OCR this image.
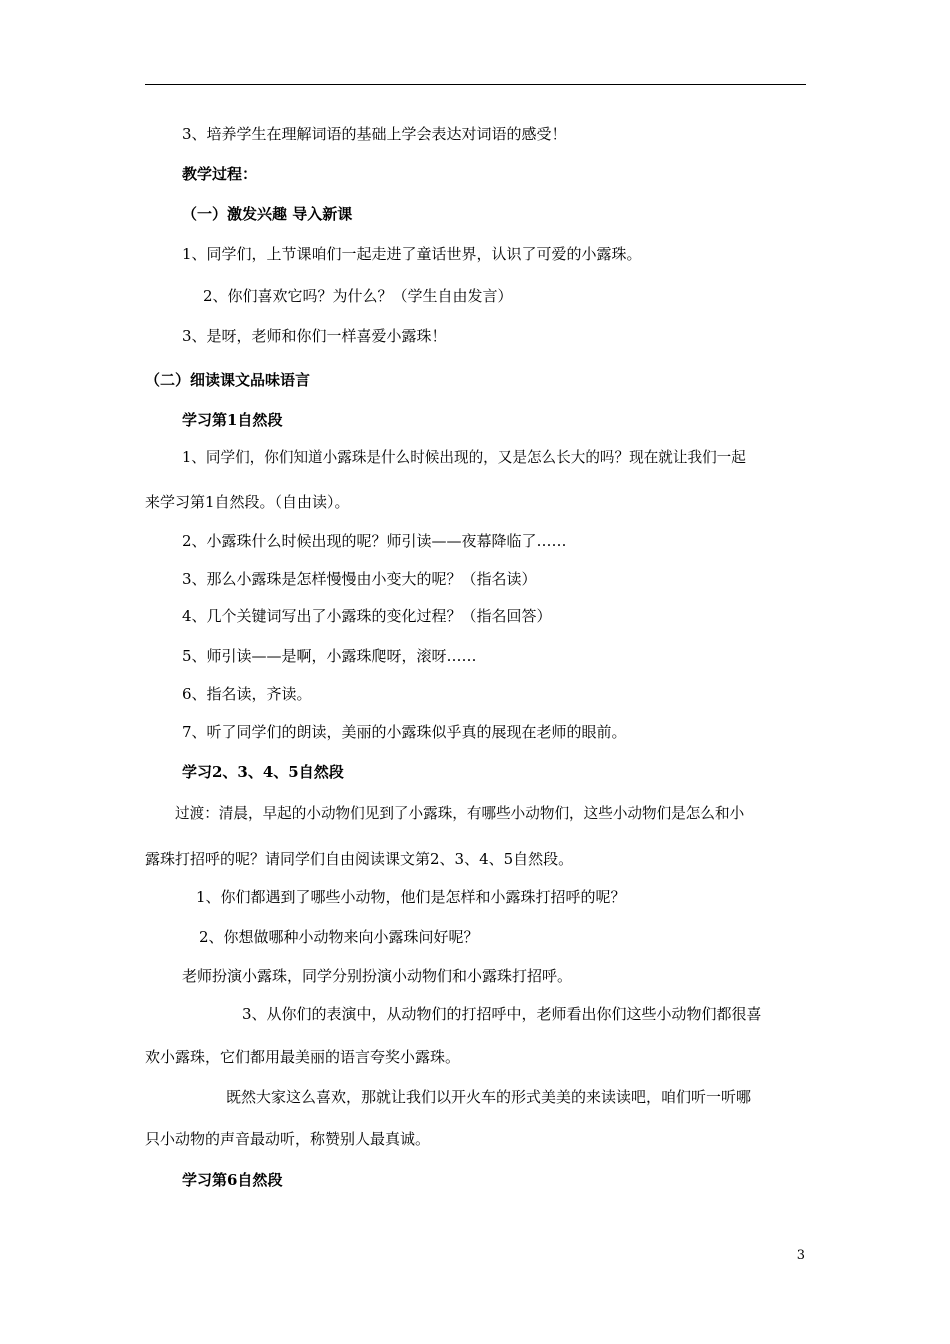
3、培养学生在理解词语的基础上学会表达对词语的感受！
教学过程：
（一）激发兴趣 导入新课
1、同学们，上节课咱们一起走进了童话世界，认识了可爱的小露珠。
2、你们喜欢它吗？为什么？（学生自由发言）
3、是呀，老师和你们一样喜爱小露珠！
（二）细读课文品味语言
学习第1自然段
1、同学们，你们知道小露珠是什么时候出现的，又是怎么长大的吗？现在就让我们一起
来学习第1自然段。（自由读）。
2、小露珠什么时候出现的呢？师引读——夜幕降临了……
3、那么小露珠是怎样慢慢由小变大的呢？（指名读）
4、几个关键词写出了小露珠的变化过程？（指名回答）
5、师引读——是啊，小露珠爬呀，滚呀……
6、指名读，齐读。
7、听了同学们的朗读，美丽的小露珠似乎真的展现在老师的眼前。
学习2、3、4、5自然段
过渡：清晨，早起的小动物们见到了小露珠，有哪些小动物们，这些小动物们是怎么和小
露珠打招呼的呢？请同学们自由阅读课文第2、3、4、5自然段。
1、你们都遇到了哪些小动物，他们是怎样和小露珠打招呼的呢？
2、你想做哪种小动物来向小露珠问好呢？
老师扮演小露珠，同学分别扮演小动物们和小露珠打招呼。
3、从你们的表演中，从动物们的打招呼中，老师看出你们这些小动物们都很喜
欢小露珠，它们都用最美丽的语言夸奖小露珠。
既然大家这么喜欢，那就让我们以开火车的形式美美的来读读吧，咱们听一听哪
只小动物的声音最动听，称赞别人最真诚。
学习第6自然段
3
